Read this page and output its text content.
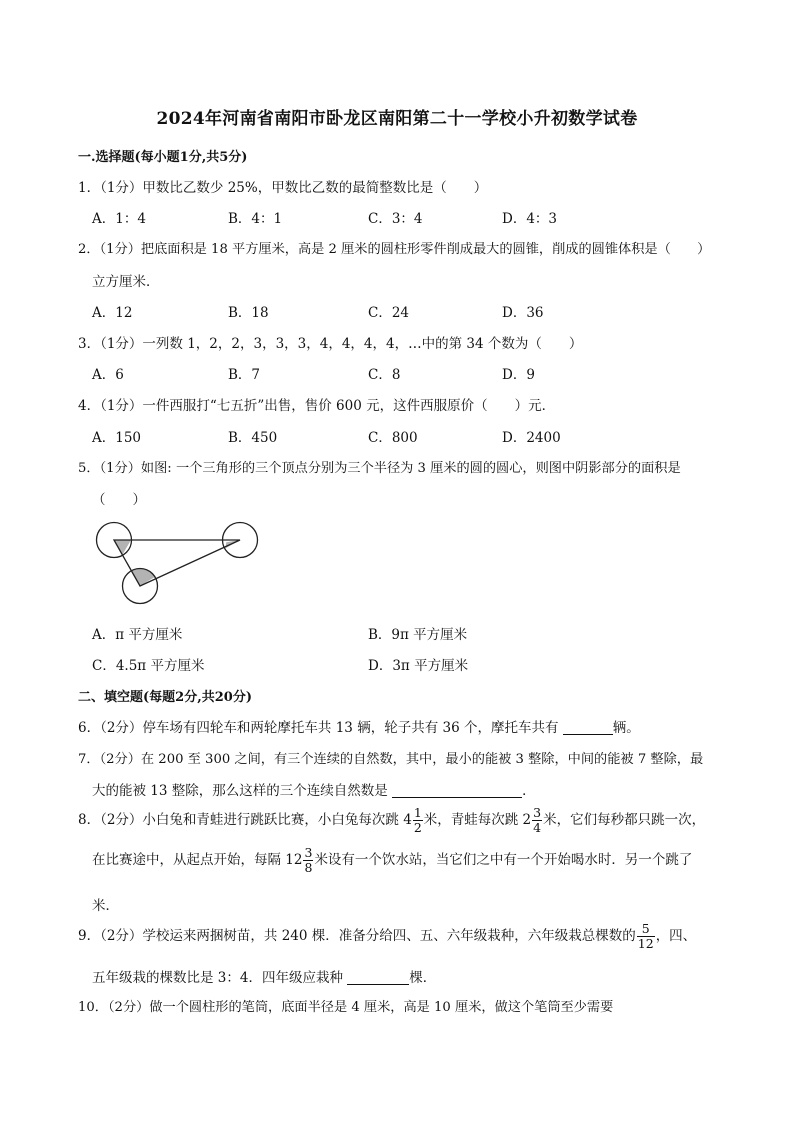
2024年河南省南阳市卧龙区南阳第二十一学校小升初数学试卷
一.选择题(每小题1分,共5分)
1．（1分）甲数比乙数少 25%，甲数比乙数的最简整数比是（　　）
A．1：4	B．4：1	C．3：4	D．4：3
2．（1分）把底面积是 18 平方厘米，高是 2 厘米的圆柱形零件削成最大的圆锥，削成的圆锥体积是（　　）
立方厘米．
A．12	B．18	C．24	D．36
3．（1分）一列数 1，2，2，3，3，3，4，4，4，4，…中的第 34 个数为（　　）
A．6	B．7	C．8	D．9
4．（1分）一件西服打“七五折”出售，售价 600 元，这件西服原价（　　）元．
A．150	B．450	C．800	D．2400
5．（1分）如图: 一个三角形的三个顶点分别为三个半径为 3 厘米的圆的圆心，则图中阴影部分的面积是
（　　）
A．π 平方厘米	B．9π 平方厘米
C．4.5π 平方厘米	D．3π 平方厘米
二、填空题(每题2分,共20分)
6．（2分）停车场有四轮车和两轮摩托车共 13 辆，轮子共有 36 个，摩托车共有	辆。
7．（2分）在 200 至 300 之间，有三个连续的自然数，其中，最小的能被 3 整除，中间的能被 7 整除，最
大的能被 13 整除，那么这样的三个连续自然数是	．
8．（2分）小白兔和青蛙进行跳跃比赛，小白兔每次跳 $4 \frac{1}{2}$ 米，青蛙每次跳 $2 \frac{3}{4}$ 米，它们每秒都只跳一次，
在比赛途中，从起点开始，每隔 $12 \frac{3}{8}$ 米设有一个饮水站，当它们之中有一个开始喝水时．另一个跳了
米．
9．（2分）学校运来两捆树苗，共 240 棵．准备分给四、五、六年级栽种，六年级栽总棵数的 $\frac{5}{12}$ ，四、
五年级栽的棵数比是 3：4．四年级应栽种	棵．
10．（2分）做一个圆柱形的笔筒，底面半径是 4 厘米，高是 10 厘米，做这个笔筒至少需要
